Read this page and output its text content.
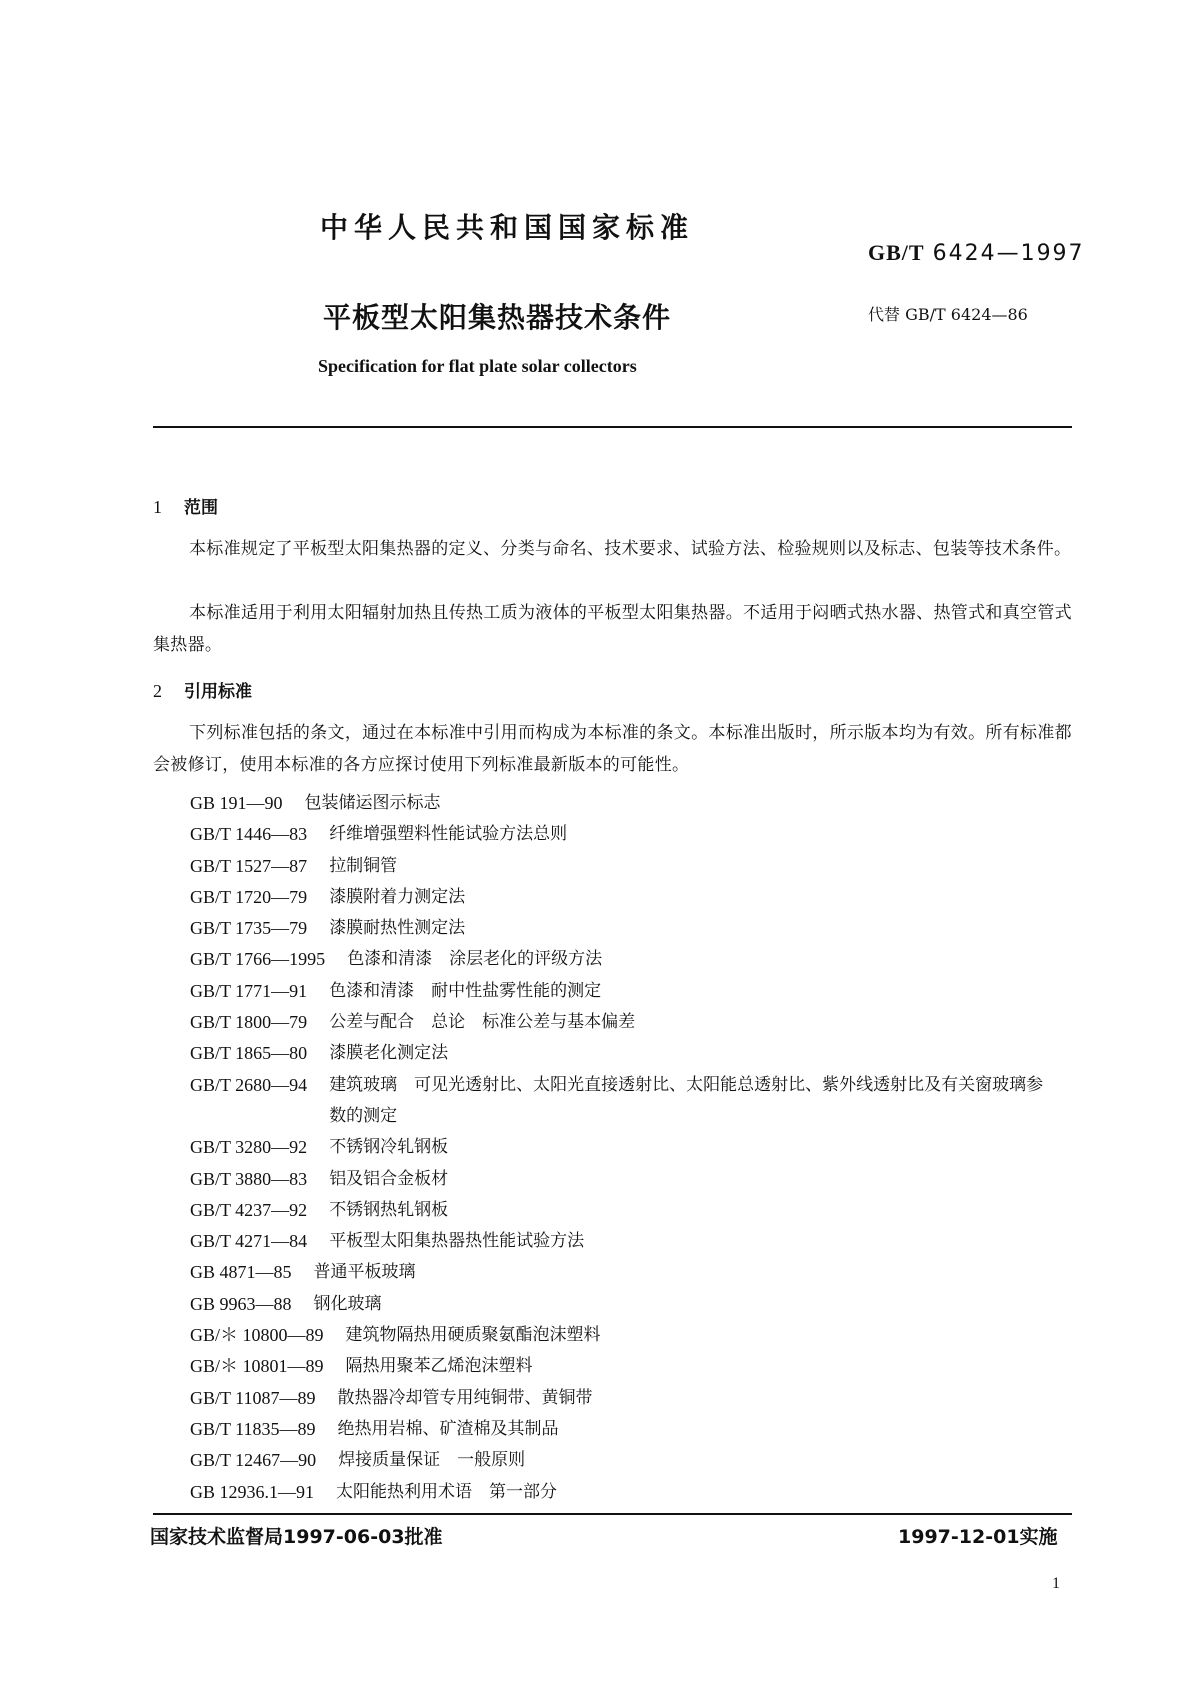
中华人民共和国国家标准
GB/T 6424—1997
平板型太阳集热器技术条件	代替 GB/T 6424—86
Specification for flat plate solar collectors
1 范围
本标准规定了平板型太阳集热器的定义、分类与命名、技术要求、试验方法、检验规则以及标志、包装等技术条件。
本标准适用于利用太阳辐射加热且传热工质为液体的平板型太阳集热器。不适用于闷晒式热水器、热管式和真空管式集热器。
2 引用标准
下列标准包括的条文，通过在本标准中引用而构成为本标准的条文。本标准出版时，所示版本均为有效。所有标准都会被修订，使用本标准的各方应探讨使用下列标准最新版本的可能性。
GB 191—90 包装储运图示标志
GB/T 1446—83 纤维增强塑料性能试验方法总则
GB/T 1527—87 拉制铜管
GB/T 1720—79 漆膜附着力测定法
GB/T 1735—79 漆膜耐热性测定法
GB/T 1766—1995 色漆和清漆　涂层老化的评级方法
GB/T 1771—91 色漆和清漆　耐中性盐雾性能的测定
GB/T 1800—79 公差与配合　总论　标准公差与基本偏差
GB/T 1865—80 漆膜老化测定法
GB/T 2680—94 建筑玻璃　可见光透射比、太阳光直接透射比、太阳能总透射比、紫外线透射比及有关窗玻璃参数的测定
GB/T 3280—92 不锈钢冷轧钢板
GB/T 3880—83 铝及铝合金板材
GB/T 4237—92 不锈钢热轧钢板
GB/T 4271—84 平板型太阳集热器热性能试验方法
GB 4871—85 普通平板玻璃
GB 9963—88 钢化玻璃
GB/＊ 10800—89 建筑物隔热用硬质聚氨酯泡沫塑料
GB/＊ 10801—89 隔热用聚苯乙烯泡沫塑料
GB/T 11087—89 散热器冷却管专用纯铜带、黄铜带
GB/T 11835—89 绝热用岩棉、矿渣棉及其制品
GB/T 12467—90 焊接质量保证　一般原则
GB 12936.1—91 太阳能热利用术语　第一部分
国家技术监督局1997-06-03批准	1997-12-01实施
1
